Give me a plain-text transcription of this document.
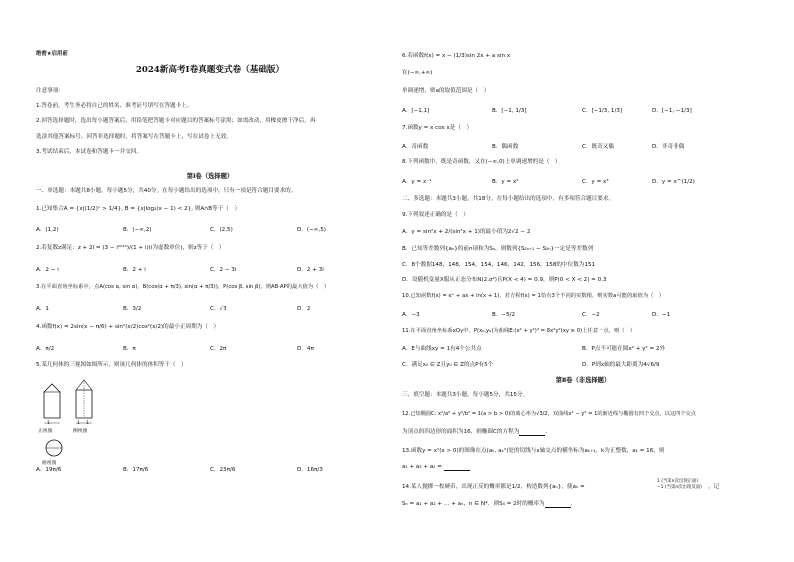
绝密★启用前
2024新高考Ⅰ卷真题变式卷（基础版）
注意事项：
1.答卷前，考生务必将自己的姓名、准考证号填写在答题卡上。
2.回答选择题时，选出每小题答案后，用铅笔把答题卡对应题目的答案标号涂黑；如需改动，用橡皮擦干净后，再
选涂其他答案标号。回答非选择题时，将答案写在答题卡上，写在试卷上无效。
3.考试结束后，本试卷和答题卡一并交回。
第Ⅰ卷（选择题）
一、单选题：本题共8小题，每小题5分，共40分。在每小题给出的选项中，只有一项是符合题目要求的。
1.已知集合A = {x|(1/2)ˣ > 1/4}, B = {x|log₂(x − 1) < 2}, 则A∩B等于（　）
A．(1,2)	B．(−∞,2)	C．(2,5)	D．(−∞,5)
2.若复数z满足：z + 2i = (3 − i²⁰²⁴)/(1 + i)(i为虚数单位)，则z等于（　）
A．2 − i	B．2 + i	C．2 − 3i	D．2 + 3i
3.在平面直角坐标系中，点A(cos α, sin α)，B(cos(α + π/3), sin(α + π/3))，P(cos β, sin β)，则AB·AP的最大值为（　）
A．1	B．3/2	C．√3	D．2
4.函数f(x) = 2sin(x − π/6) + sin²(x/2)cos²(x/2)的最小正周期为（　）
A．π/2	B．π	C．2π	D．4π
5.某几何体的三视图如图所示，则该几何体的体积等于（　）
1	1 1
正视图	侧视图
俯视图
A．19π/6	B．17π/6	C．23π/6	D．16π/3
6.若函数f(x) = x − (1/3)sin 2x + a sin x
在(−∞,+∞)
单调递增，则a的取值范围是（　）
A．[−1,1]	B．[−1, 1/3]	C．[−1/3, 1/3]	D．[−1, −1/3]
7.函数y = x cos x是（　）
A．奇函数	B．偶函数	C．既奇又偶	D．非奇非偶
8.下列函数中，既是奇函数，又在(−∞,0)上单调递增的是（　）
A．y = x⁻¹	B．y = x²	C．y = x³	D．y = x^(1/2)
二、多选题：本题共3小题，共18分。在每小题给出的选项中，有多项符合题目要求。
9.下列叙述正确的是（　）
A．y = sin²x + 2/(sin²x + 1)的最小值为2√2 − 2
B．已知等差数列{aₙ}的前n项和为Sₙ，则数列{S₂ₙ₊₁ − S₂ₙ}一定是等差数列
C．8个数据148，148，154，154，146，142，156，158的中位数为151
D．设随机变量X服从正态分布N(2,σ²)且P(X < 4) = 0.9，则P(0 < X < 2) = 0.3
10.已知函数f(x) = eˣ + ax + ln(x + 1)，若方程f(x) = 1恰有3个不同的实数根，则实数a可能的取值为（　）
A．−3	B．−5/2	C．−2	D．−1
11.在平面直角坐标系xOy中，P(x₀,y₀)为曲线E:(x² + y²)³ = 8x²y²(xy ≥ 0)上任意一点，则（　）
A．E与曲线xy = 1有4个公共点	B．P点不可能在圆x² + y² = 2外
C．满足x₀ ∈ Z且y₀ ∈ Z的点P有5个	D．P到x轴的最大距离为4√6/9
第Ⅱ卷（非选择题）
三、填空题：本题共3小题，每小题5分，共15分。
12.已知椭圆C: x²/a² + y²/b² = 1(a > b > 0)的离心率为√3/2，双曲线x² − y² = 1的渐近线与椭圆有四个交点，以这四个交点
为顶点的四边形的面积为16，则椭圆C的方程为	．
13.函数y = x²(x > 0)的图像在点(aₖ, aₖ²)处的切线与x轴交点的横坐标为aₖ₊₁，k为正整数，a₁ = 16，则
a₁ + a₃ + a₅ =
14.某人抛掷一枚硬币，出现正反的概率都是1/2，构造数列{aₙ}，使aₙ =
1 (当第n次出现正面)
−1 (当第n次出现反面) ，记
Sₙ = a₁ + a₂ + … + aₙ，n ∈ N*．则S₄ = 2时的概率为	．
